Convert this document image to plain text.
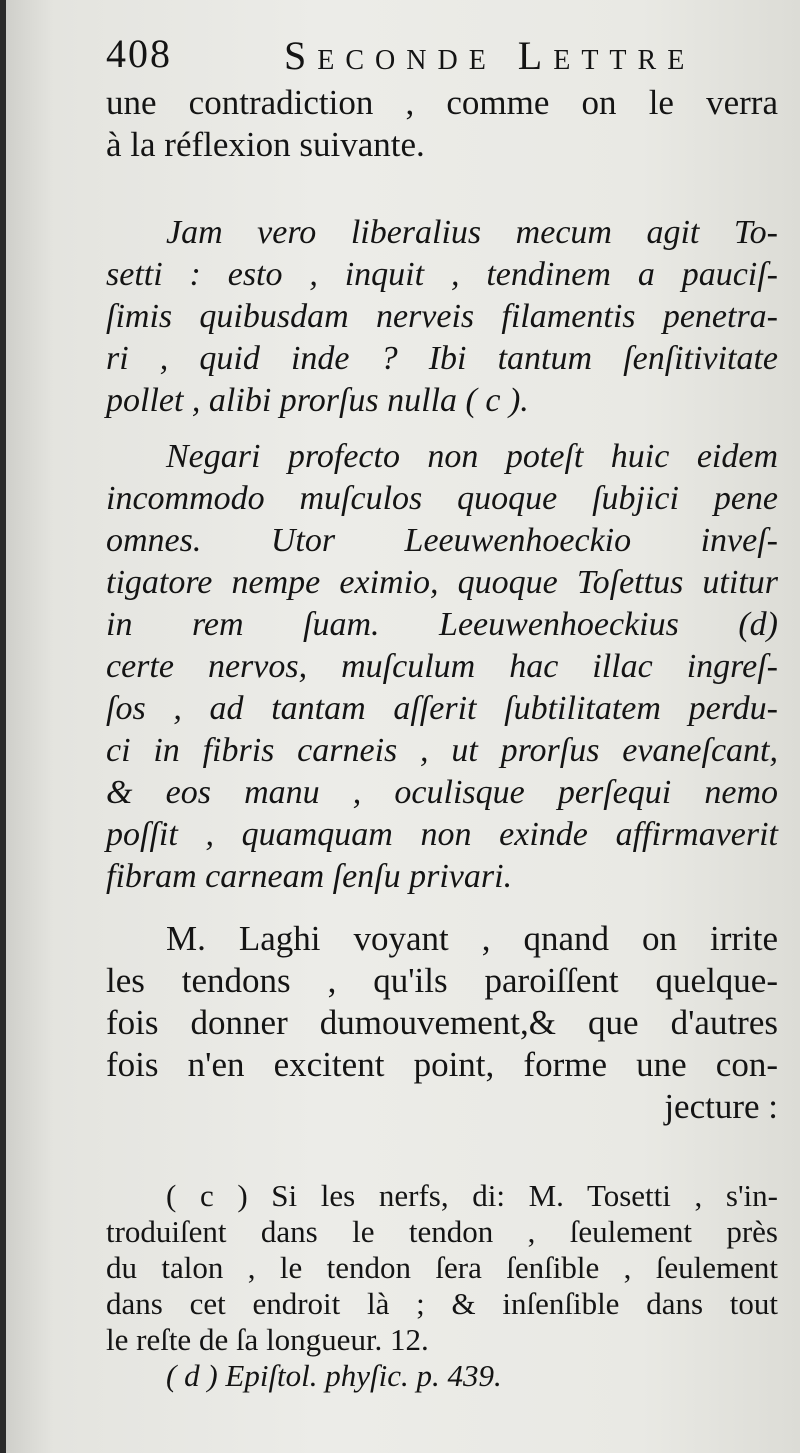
408	Seconde Lettre
une contradiction , comme on le verra
à la réflexion suivante.
Jam vero liberalius mecum agit To-
setti : esto , inquit , tendinem a pauciſ-
ſimis quibusdam nerveis filamentis penetra-
ri , quid inde ? Ibi tantum ſenſitivitate
pollet , alibi prorſus nulla ( c ).
Negari profecto non poteſt huic eidem
incommodo muſculos quoque ſubjici pene
omnes. Utor Leeuwenhoeckio inveſ-
tigatore nempe eximio, quoque Toſettus utitur
in rem ſuam. Leeuwenhoeckius (d)
certe nervos, muſculum hac illac ingreſ-
ſos , ad tantam aſſerit ſubtilitatem perdu-
ci in fibris carneis , ut prorſus evaneſcant,
& eos manu , oculisque perſequi nemo
poſſit , quamquam non exinde affirmaverit
fibram carneam ſenſu privari.
M. Laghi voyant , qnand on irrite
les tendons , qu'ils paroiſſent quelque-
fois donner dumouvement,& que d'autres
fois n'en excitent point, forme une con-
jecture :
( c ) Si les nerfs, di: M. Tosetti , s'in-
troduiſent dans le tendon , ſeulement près
du talon , le tendon ſera ſenſible , ſeulement
dans cet endroit là ; & inſenſible dans tout
le reſte de ſa longueur. 12.
( d ) Epiſtol. phyſic. p. 439.
